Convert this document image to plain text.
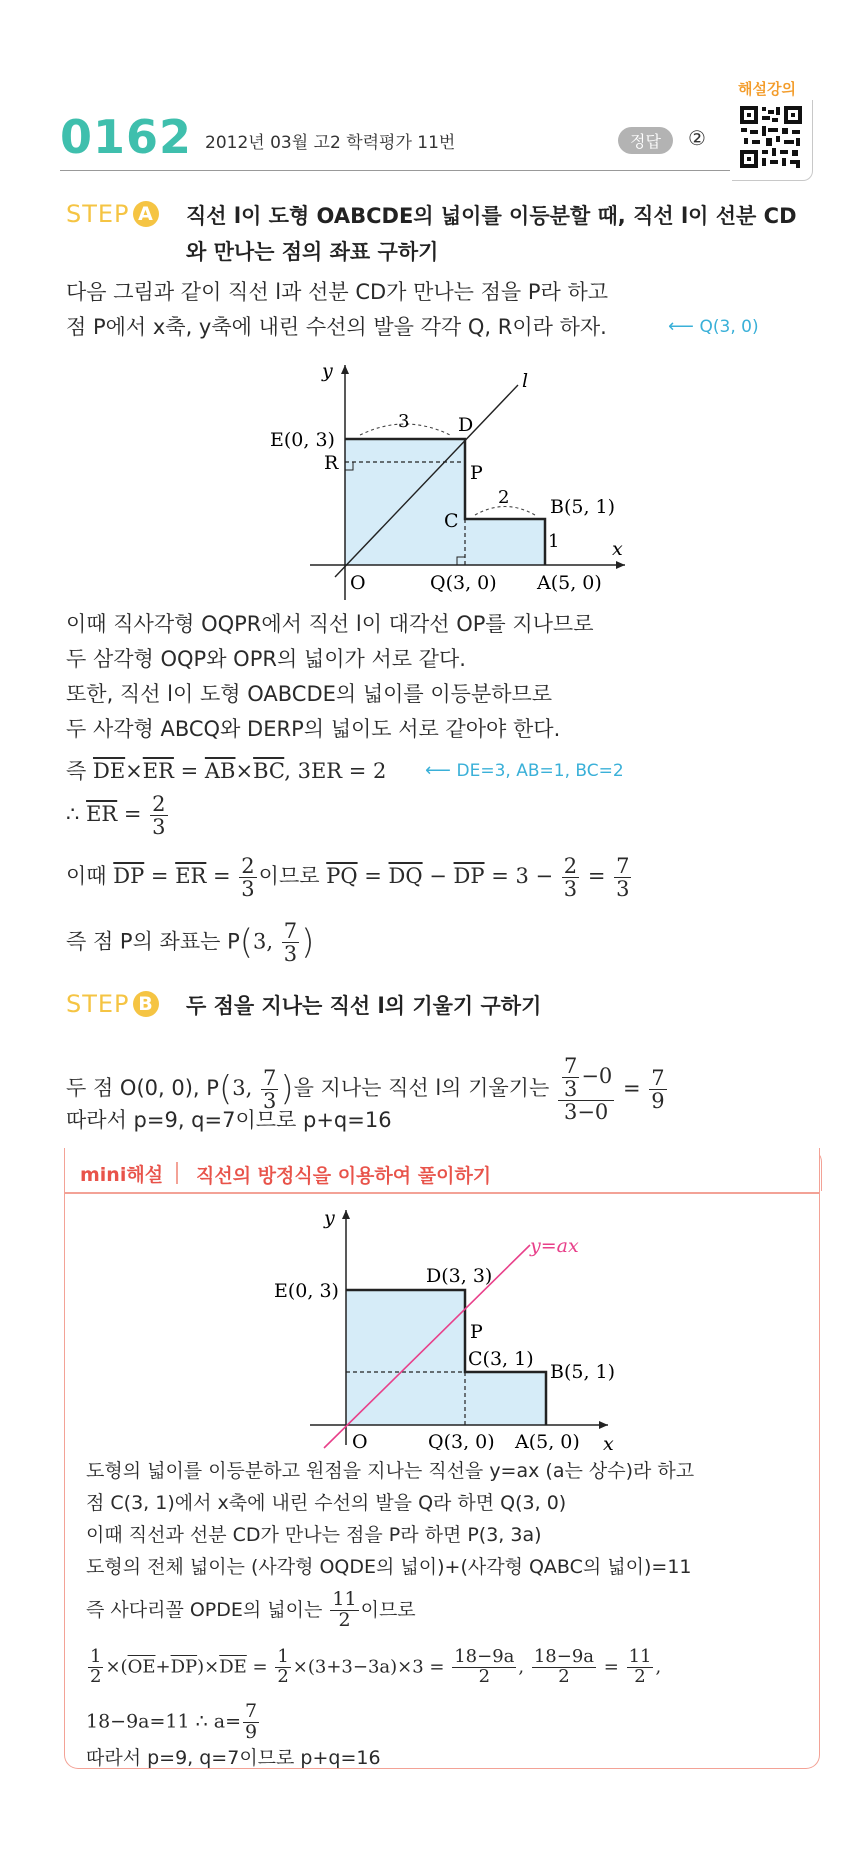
0162 2012년 03월 고2 학력평가 11번	정답	②
해설강의
STEP A 직선 l이 도형 OABCDE의 넓이를 이등분할 때, 직선 l이 선분 CD
와 만나는 점의 좌표 구하기
다음 그림과 같이 직선 l과 선분 CD가 만나는 점을 P라 하고
점 P에서 x축, y축에 내린 수선의 발을 각각 Q, R이라 하자.	⟵ Q(3, 0)
y
x
l
E(0, 3)
D
R	P
C
B(5, 1)
O	Q(3, 0) A(5, 0)
3
2
1
이때 직사각형 OQPR에서 직선 l이 대각선 OP를 지나므로
두 삼각형 OQP와 OPR의 넓이가 서로 같다.
또한, 직선 l이 도형 OABCDE의 넓이를 이등분하므로
두 사각형 ABCQ와 DERP의 넓이도 서로 같아야 한다.
즉 $\overline{DE}\times\overline{ER} = \overline{AB}\times\overline{BC}$, 3ER = 2 ⟵ DE=3, AB=1, BC=2
∴ $\overline{ER} = \frac{2}{3}$
이때 $\overline{DP} = \overline{ER} = \frac{2}{3}$ 이므로 $\overline{PQ} = \overline{DQ} - \overline{DP} = 3 - \frac{2}{3} = \frac{7}{3}$
즉 점 P의 좌표는 P(3, $\frac{7}{3}$ )
STEP B 두 점을 지나는 직선 l의 기울기 구하기
두 점 O(0, 0), P(3, $\frac{7}{3}$ )을 지나는 직선 l의 기울기는 $\frac{\frac{7}{3} -0}{3-0} = \frac{7}{9}$
따라서 p=9, q=7이므로 p+q=16
mini해설 직선의 방정식을 이용하여 풀이하기
y
x
y=ax
E(0, 3)
D(3, 3)
P
C(3, 1)
B(5, 1)
O	Q(3, 0) A(5, 0)
도형의 넓이를 이등분하고 원점을 지나는 직선을 y=ax (a는 상수)라 하고
점 C(3, 1)에서 x축에 내린 수선의 발을 Q라 하면 Q(3, 0)
이때 직선과 선분 CD가 만나는 점을 P라 하면 P(3, 3a)
도형의 전체 넓이는 (사각형 OQDE의 넓이)+(사각형 QABC의 넓이)=11
즉 사다리꼴 OPDE의 넓이는 $\frac{11}{2}$ 이므로
$\frac{1}{2} \times(\overline{OE}+\overline{DP})\times\overline{DE} = \frac{1}{2} \times(3+3-3a)\times 3 = \frac{18-9a}{2}$ , $\frac{18-9a}{2} = \frac{11}{2}$ ,
18−9a=11 ∴ $a= \frac{7}{9}$
따라서 p=9, q=7이므로 p+q=16
